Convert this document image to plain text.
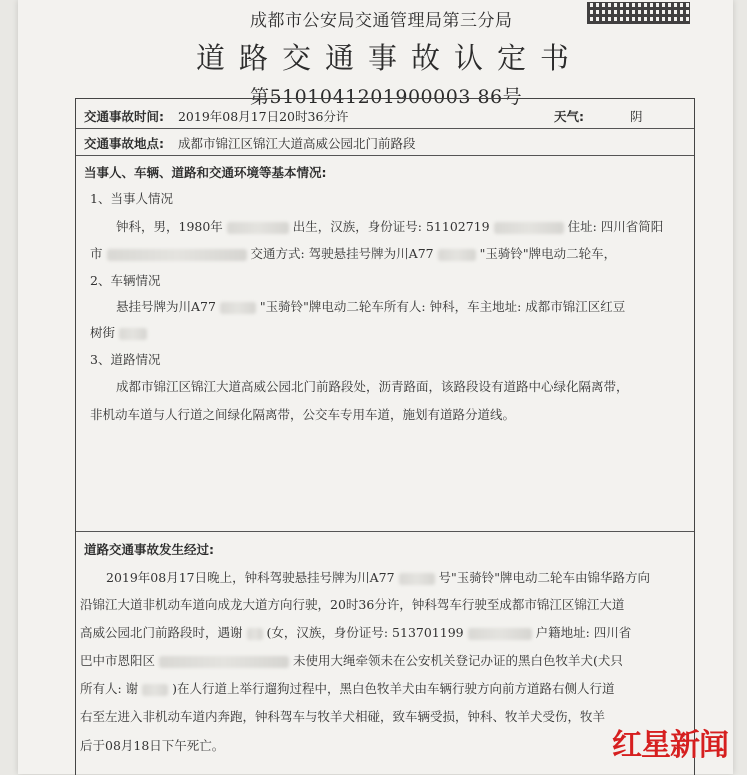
成都市公安局交通管理局第三分局
道路交通事故认定书
第5101041201900003 86号
交通事故时间: 2019年08月17日20时36分许	天气:	阴
交通事故地点: 成都市锦江区锦江大道高威公园北门前路段
当事人、车辆、道路和交通环境等基本情况:
1、当事人情况
钟科，男，1980年	出生，汉族，身份证号: 51102719	住址: 四川省简阳
市	交通方式: 驾驶悬挂号牌为川A77	"玉骑铃"牌电动二轮车，
2、车辆情况
悬挂号牌为川A77	"玉骑铃"牌电动二轮车所有人: 钟科，车主地址: 成都市锦江区红豆
树街
3、道路情况
成都市锦江区锦江大道高威公园北门前路段处，沥青路面，该路段设有道路中心绿化隔离带，
非机动车道与人行道之间绿化隔离带，公交车专用车道，施划有道路分道线。
道路交通事故发生经过:
2019年08月17日晚上，钟科驾驶悬挂号牌为川A77	号"玉骑铃"牌电动二轮车由锦华路方向
沿锦江大道非机动车道向成龙大道方向行驶，20时36分许，钟科驾车行驶至成都市锦江区锦江大道
高威公园北门前路段时，遇谢 (女，汉族，身份证号: 513701199	户籍地址: 四川省
巴中市恩阳区	未使用大绳牵领未在公安机关登记办证的黑白色牧羊犬(犬只
所有人: 谢	)在人行道上举行遛狗过程中，黑白色牧羊犬由车辆行驶方向前方道路右侧人行道
右至左进入非机动车道内奔跑，钟科驾车与牧羊犬相碰，致车辆受损，钟科、牧羊犬受伤，牧羊
后于08月18日下午死亡。	红星新闻
